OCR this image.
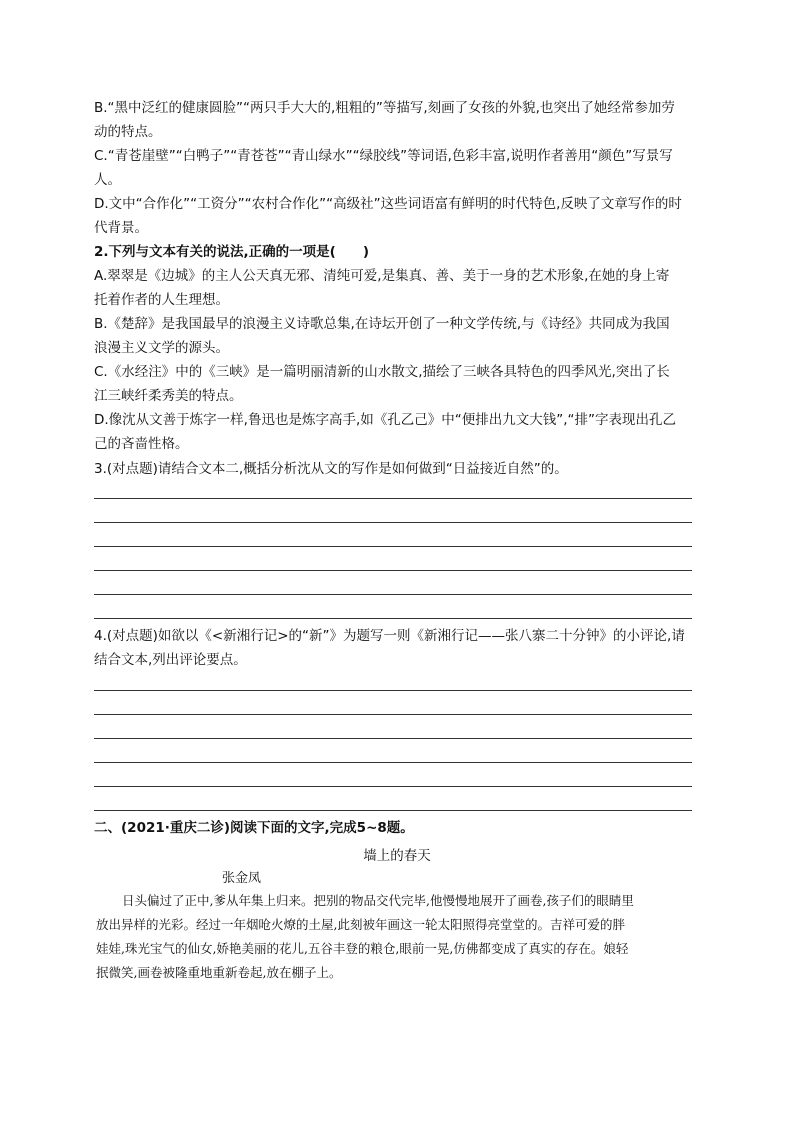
B.“黑中泛红的健康圆脸”“两只手大大的,粗粗的”等描写,刻画了女孩的外貌,也突出了她经常参加劳
动的特点。
C.“青苍崖壁”“白鸭子”“青苍苍”“青山绿水”“绿胶线”等词语,色彩丰富,说明作者善用“颜色”写景写
人。
D.文中“合作化”“工资分”“农村合作化”“高级社”这些词语富有鲜明的时代特色,反映了文章写作的时
代背景。
2.下列与文本有关的说法,正确的一项是(　　)
A.翠翠是《边城》的主人公天真无邪、清纯可爱,是集真、善、美于一身的艺术形象,在她的身上寄
托着作者的人生理想。
B.《楚辞》是我国最早的浪漫主义诗歌总集,在诗坛开创了一种文学传统,与《诗经》共同成为我国
浪漫主义文学的源头。
C.《水经注》中的《三峡》是一篇明丽清新的山水散文,描绘了三峡各具特色的四季风光,突出了长
江三峡纤柔秀美的特点。
D.像沈从文善于炼字一样,鲁迅也是炼字高手,如《孔乙己》中“便排出九文大钱”,“排”字表现出孔乙
己的吝啬性格。
3.(对点题)请结合文本二,概括分析沈从文的写作是如何做到“日益接近自然”的。
4.(对点题)如欲以《<新湘行记>的“新”》为题写一则《新湘行记——张八寨二十分钟》的小评论,请
结合文本,列出评论要点。
二、(2021·重庆二诊)阅读下面的文字,完成5~8题。
墙上的春天
张金凤
日头偏过了正中,爹从年集上归来。把别的物品交代完毕,他慢慢地展开了画卷,孩子们的眼睛里
放出异样的光彩。经过一年烟呛火燎的土屋,此刻被年画这一轮太阳照得亮堂堂的。吉祥可爱的胖
娃娃,珠光宝气的仙女,娇艳美丽的花儿,五谷丰登的粮仓,眼前一晃,仿佛都变成了真实的存在。娘轻
抿微笑,画卷被隆重地重新卷起,放在棚子上。
